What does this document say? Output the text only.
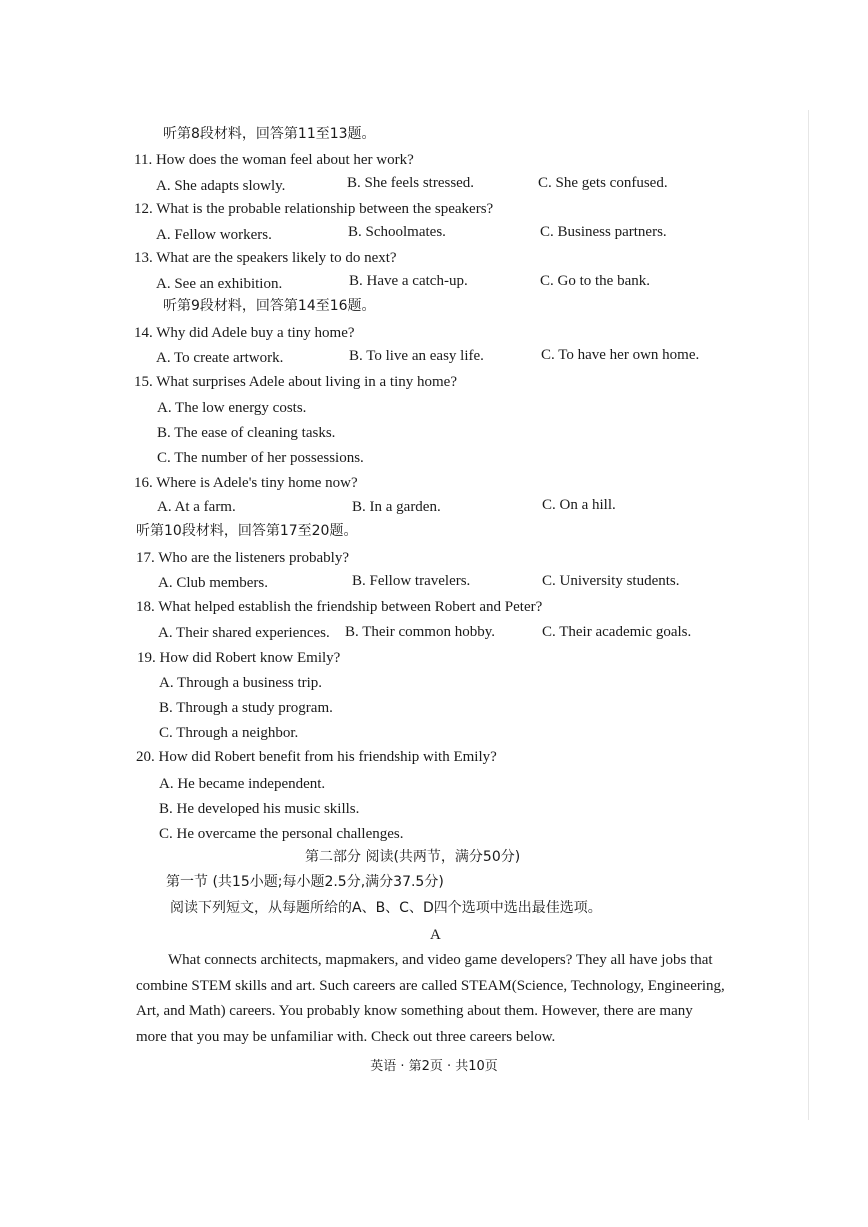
听第8段材料，回答第11至13题。
11. How does the woman feel about her work?
A. She adapts slowly.	B. She feels stressed.	C. She gets confused.
12. What is the probable relationship between the speakers?
A. Fellow workers.	B. Schoolmates.	C. Business partners.
13. What are the speakers likely to do next?
A. See an exhibition.	B. Have a catch-up.	C. Go to the bank.
听第9段材料，回答第14至16题。
14. Why did Adele buy a tiny home?
A. To create artwork.	B. To live an easy life.	C. To have her own home.
15. What surprises Adele about living in a tiny home?
A. The low energy costs.
B. The ease of cleaning tasks.
C. The number of her possessions.
16. Where is Adele's tiny home now?
A. At a farm.	B. In a garden.	C. On a hill.
听第10段材料，回答第17至20题。
17. Who are the listeners probably?
A. Club members.	B. Fellow travelers.	C. University students.
18. What helped establish the friendship between Robert and Peter?
A. Their shared experiences. B. Their common hobby.	C. Their academic goals.
19. How did Robert know Emily?
A. Through a business trip.
B. Through a study program.
C. Through a neighbor.
20. How did Robert benefit from his friendship with Emily?
A. He became independent.
B. He developed his music skills.
C. He overcame the personal challenges.
第二部分 阅读(共两节，满分50分)
第一节 (共15小题;每小题2.5分,满分37.5分)
阅读下列短文，从每题所给的A、B、C、D四个选项中选出最佳选项。
A
What connects architects, mapmakers, and video game developers? They all have jobs that
combine STEM skills and art. Such careers are called STEAM(Science, Technology, Engineering,
Art, and Math) careers. You probably know something about them. However, there are many
more that you may be unfamiliar with. Check out three careers below.
英语 · 第2页 · 共10页
